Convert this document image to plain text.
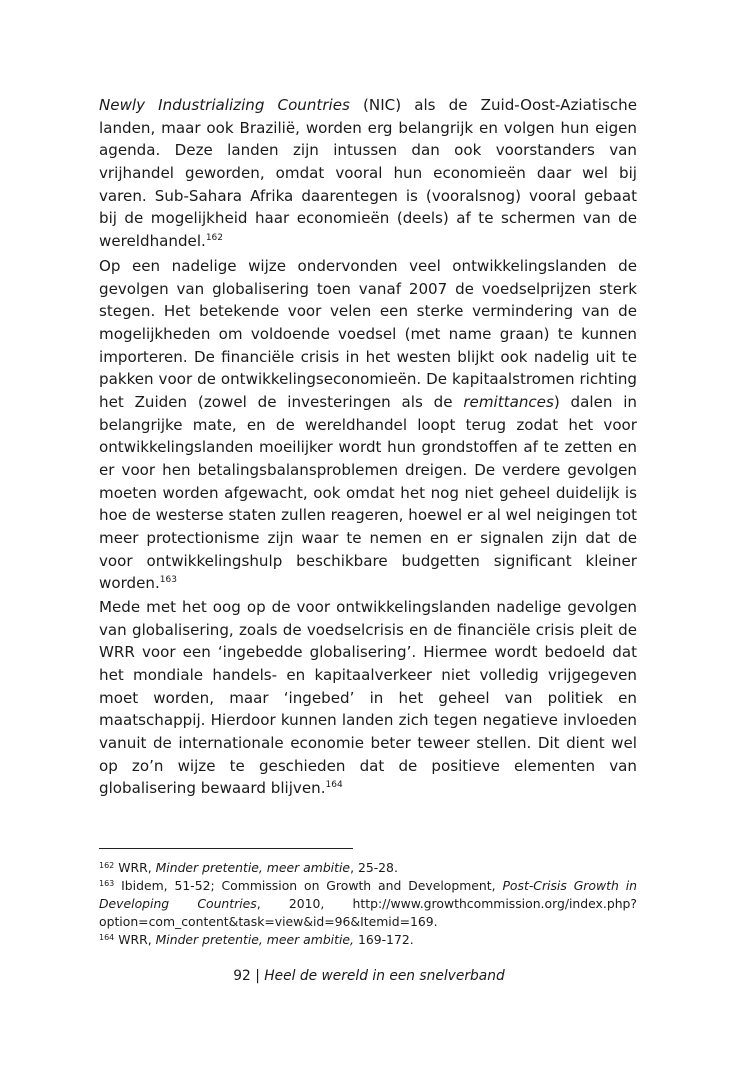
Newly Industrializing Countries (NIC) als de Zuid-Oost-Aziatische landen, maar ook Brazilië, worden erg belangrijk en volgen hun eigen agenda. Deze landen zijn intussen dan ook voorstanders van vrijhandel geworden, omdat vooral hun economieën daar wel bij varen. Sub-Sahara Afrika daarentegen is (vooralsnog) vooral gebaat bij de mogelijkheid haar economieën (deels) af te schermen van de wereldhandel.$^{162}$

Op een nadelige wijze ondervonden veel ontwikkelingslanden de gevolgen van globalisering toen vanaf 2007 de voedselprijzen sterk stegen. Het betekende voor velen een sterke vermindering van de mogelijkheden om voldoende voedsel (met name graan) te kunnen importeren. De financiële crisis in het westen blijkt ook nadelig uit te pakken voor de ontwikkelingseconomieën. De kapitaalstromen richting het Zuiden (zowel de investeringen als de remittances) dalen in belangrijke mate, en de wereldhandel loopt terug zodat het voor ontwikkelingslanden moeilijker wordt hun grondstoffen af te zetten en er voor hen betalingsbalansproblemen dreigen. De verdere gevolgen moeten worden afgewacht, ook omdat het nog niet geheel duidelijk is hoe de westerse staten zullen reageren, hoewel er al wel neigingen tot meer protectionisme zijn waar te nemen en er signalen zijn dat de voor ontwikkelingshulp beschikbare budgetten significant kleiner worden.$^{163}$

Mede met het oog op de voor ontwikkelingslanden nadelige gevolgen van globalisering, zoals de voedselcrisis en de financiële crisis pleit de WRR voor een ‘ingebedde globalisering’. Hiermee wordt bedoeld dat het mondiale handels- en kapitaalverkeer niet volledig vrijgegeven moet worden, maar ‘ingebed’ in het geheel van politiek en maatschappij. Hierdoor kunnen landen zich tegen negatieve invloeden vanuit de internationale economie beter teweer stellen. Dit dient wel op zo’n wijze te geschieden dat de positieve elementen van globalisering bewaard blijven.$^{164}$

$^{162}$ WRR, Minder pretentie, meer ambitie, 25-28.

$^{163}$ Ibidem, 51-52; Commission on Growth and Development, Post-Crisis Growth in Developing Countries, 2010, http://www.growthcommission.org/index.php?option=com_content&task=view&id=96&Itemid=169.

$^{164}$ WRR, Minder pretentie, meer ambitie, 169-172.

92 | Heel de wereld in een snelverband
